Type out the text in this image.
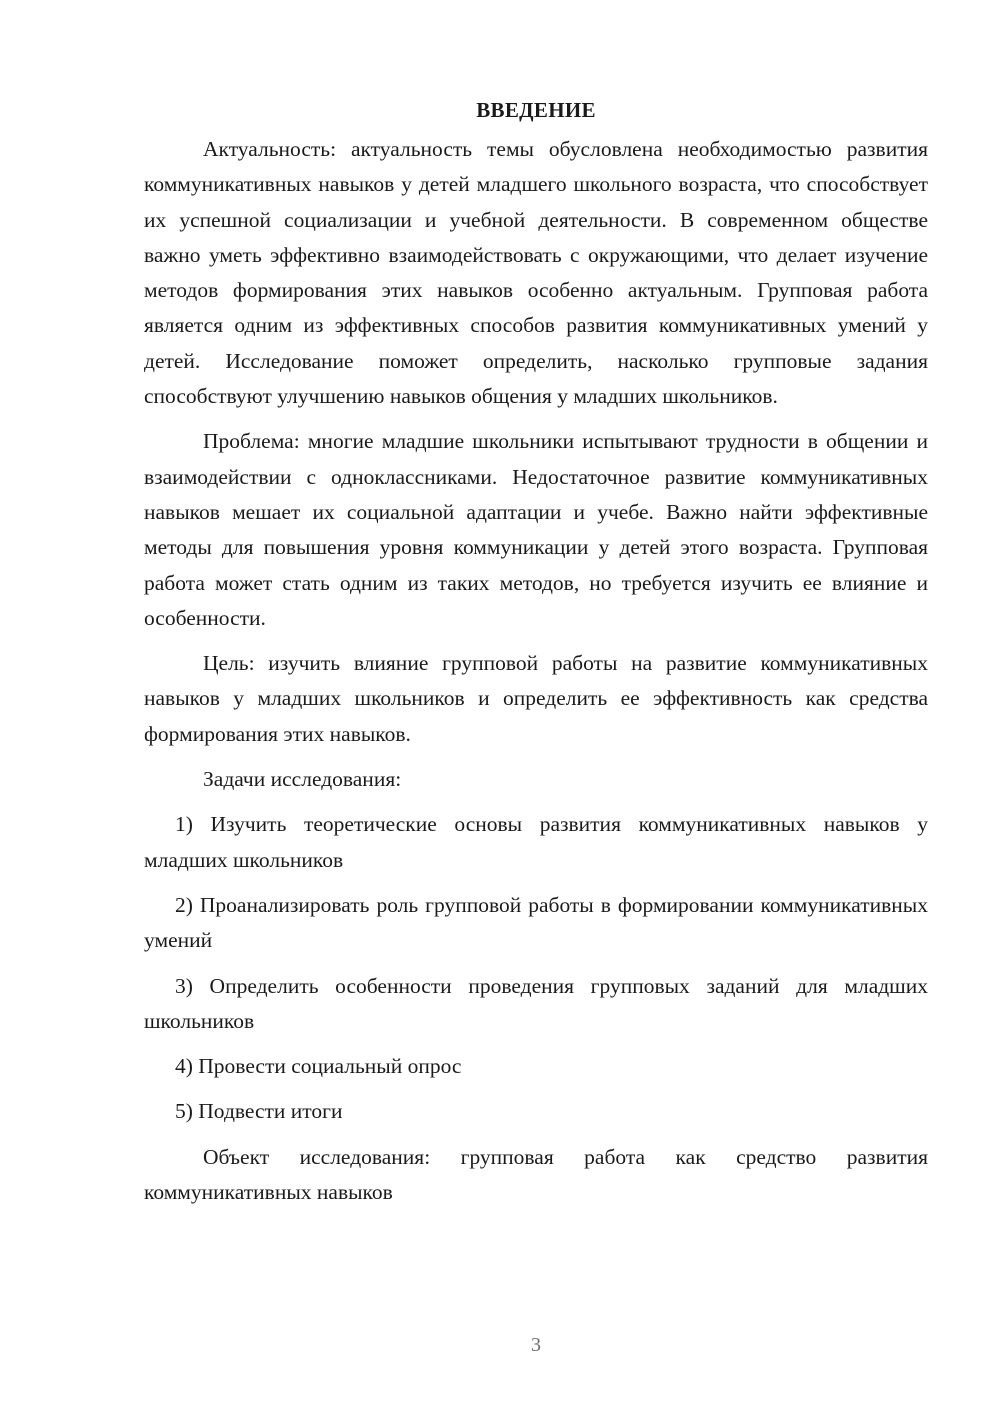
ВВЕДЕНИЕ

Актуальность: актуальность темы обусловлена необходимостью развития коммуникативных навыков у детей младшего школьного возраста, что способствует их успешной социализации и учебной деятельности. В современном обществе важно уметь эффективно взаимодействовать с окружающими, что делает изучение методов формирования этих навыков особенно актуальным. Групповая работа является одним из эффективных способов развития коммуникативных умений у детей. Исследование поможет определить, насколько групповые задания способствуют улучшению навыков общения у младших школьников.

Проблема: многие младшие школьники испытывают трудности в общении и взаимодействии с одноклассниками. Недостаточное развитие коммуникативных навыков мешает их социальной адаптации и учебе. Важно найти эффективные методы для повышения уровня коммуникации у детей этого возраста. Групповая работа может стать одним из таких методов, но требуется изучить ее влияние и особенности.

Цель: изучить влияние групповой работы на развитие коммуникативных навыков у младших школьников и определить ее эффективность как средства формирования этих навыков.

Задачи исследования:

1) Изучить теоретические основы развития коммуникативных навыков у младших школьников

2) Проанализировать роль групповой работы в формировании коммуникативных умений

3) Определить особенности проведения групповых заданий для младших школьников

4) Провести социальный опрос

5) Подвести итоги

Объект исследования: групповая работа как средство развития коммуникативных навыков

3
